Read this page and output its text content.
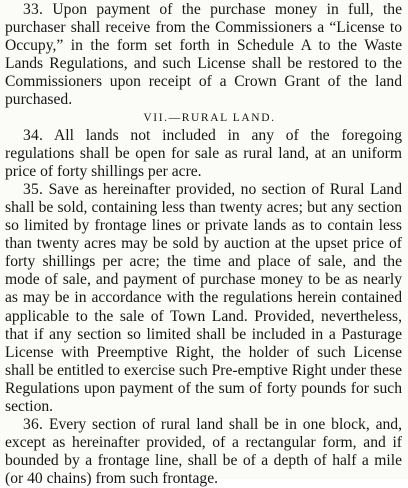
33. Upon payment of the purchase money in full, the purchaser shall receive from the Commissioners a “License to Occupy,” in the form set forth in Schedule A to the Waste Lands Regulations, and such License shall be restored to the Commissioners upon receipt of a Crown Grant of the land purchased.

VII.—RURAL LAND.

34. All lands not included in any of the foregoing regulations shall be open for sale as rural land, at an uniform price of forty shillings per acre.

35. Save as hereinafter provided, no section of Rural Land shall be sold, containing less than twenty acres; but any section so limited by frontage lines or private lands as to contain less than twenty acres may be sold by auction at the upset price of forty shillings per acre; the time and place of sale, and the mode of sale, and payment of purchase money to be as nearly as may be in accordance with the regulations herein contained applicable to the sale of Town Land. Provided, nevertheless, that if any section so limited shall be included in a Pasturage License with Preemptive Right, the holder of such License shall be entitled to exercise such Pre-emptive Right under these Regulations upon payment of the sum of forty pounds for such section.

36. Every section of rural land shall be in one block, and, except as hereinafter provided, of a rectangular form, and if bounded by a frontage line, shall be of a depth of half a mile (or 40 chains) from such frontage.
